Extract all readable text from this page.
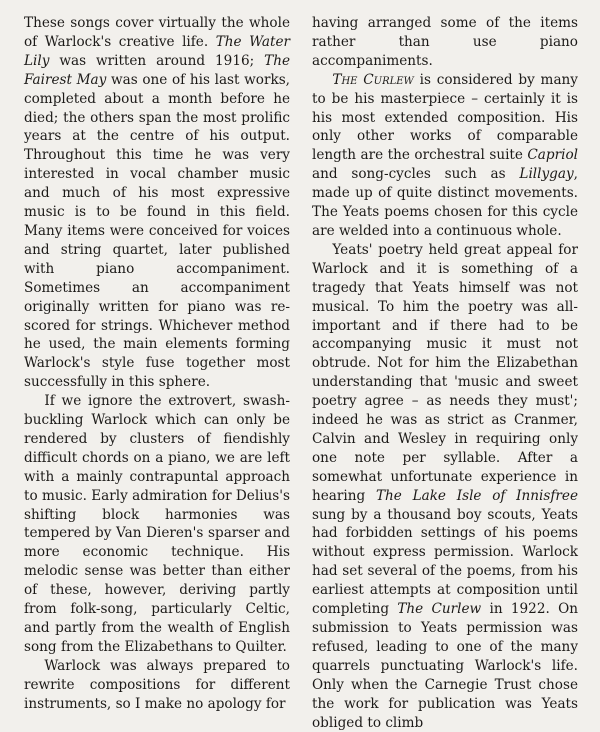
These songs cover virtually the whole of Warlock's creative life. The Water Lily was written around 1916; The Fairest May was one of his last works, completed about a month before he died; the others span the most prolific years at the centre of his output. Throughout this time he was very interested in vocal chamber music and much of his most expressive music is to be found in this field. Many items were conceived for voices and string quartet, later published with piano accompaniment. Sometimes an accompaniment originally written for piano was re-scored for strings. Whichever method he used, the main elements forming Warlock's style fuse together most successfully in this sphere.

If we ignore the extrovert, swash-buckling Warlock which can only be rendered by clusters of fiendishly difficult chords on a piano, we are left with a mainly contrapuntal approach to music. Early admiration for Delius's shifting block harmonies was tempered by Van Dieren's sparser and more economic technique. His melodic sense was better than either of these, however, deriving partly from folk-song, particularly Celtic, and partly from the wealth of English song from the Elizabethans to Quilter.

Warlock was always prepared to rewrite compositions for different instruments, so I make no apology for

having arranged some of the items rather than use piano accompaniments.

The Curlew is considered by many to be his masterpiece – certainly it is his most extended composition. His only other works of comparable length are the orchestral suite Capriol and song-cycles such as Lillygay, made up of quite distinct movements. The Yeats poems chosen for this cycle are welded into a continuous whole.

Yeats' poetry held great appeal for Warlock and it is something of a tragedy that Yeats himself was not musical. To him the poetry was all-important and if there had to be accompanying music it must not obtrude. Not for him the Elizabethan understanding that 'music and sweet poetry agree – as needs they must'; indeed he was as strict as Cranmer, Calvin and Wesley in requiring only one note per syllable. After a somewhat unfortunate experience in hearing The Lake Isle of Innisfree sung by a thousand boy scouts, Yeats had forbidden settings of his poems without express permission. Warlock had set several of the poems, from his earliest attempts at composition until completing The Curlew in 1922. On submission to Yeats permission was refused, leading to one of the many quarrels punctuating Warlock's life. Only when the Carnegie Trust chose the work for publication was Yeats obliged to climb
